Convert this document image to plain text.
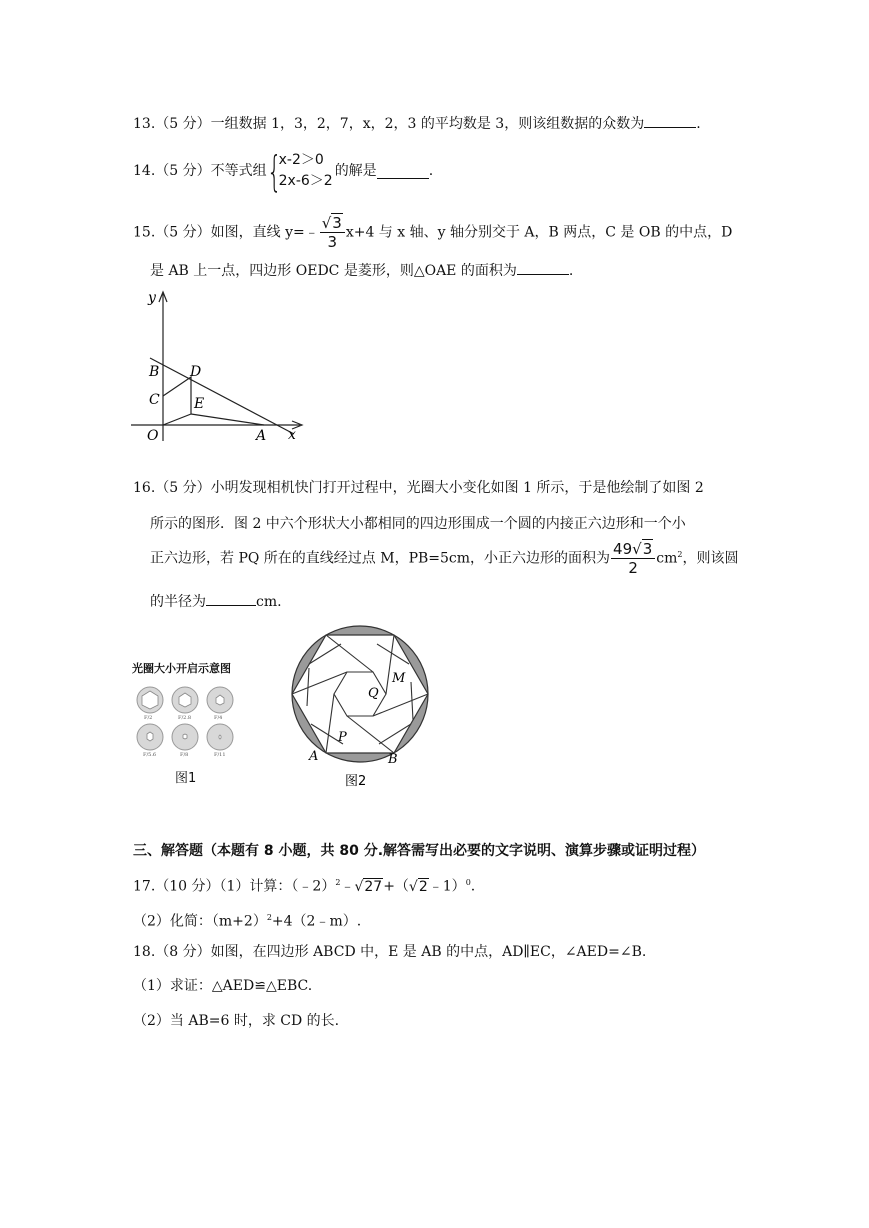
13.（5 分）一组数据 1，3，2，7，x，2，3 的平均数是 3，则该组数据的众数为	.
14.（5 分）不等式组 {
x-2＞0
2x-6＞2
的解是	.
15.（5 分）如图，直线 y=﹣ $\frac{√3}{3} x+4$ 与 x 轴、y 轴分别交于 A，B 两点，C 是 OB 的中点，D
是 AB 上一点，四边形 OEDC 是菱形，则△OAE 的面积为	.
y
x
B
C
D
E
O	A
16.（5 分）小明发现相机快门打开过程中，光圈大小变化如图 1 所示，于是他绘制了如图 2
所示的图形．图 2 中六个形状大小都相同的四边形围成一个圆的内接正六边形和一个小
正六边形，若 PQ 所在的直线经过点 M，PB=5cm，小正六边形的面积为 $\frac{49√3}{2} cm^2$，则该圆
的半径为	cm.
光圈大小开启示意图
F/2	F/2.8	F/4
F/5.6	F/8	F/11
图1
M
Q
P
A	B
图2
三、解答题（本题有 8 小题，共 80 分.解答需写出必要的文字说明、演算步骤或证明过程）
17.（10 分）（1）计算：（﹣2）$^2$﹣√27+（√2﹣1）$^0$.
（2）化简：$(m+2)^2+4(2﹣m)$.
18.（8 分）如图，在四边形 ABCD 中，E 是 AB 的中点，AD∥EC，∠AED=∠B.
（1）求证：△AED≌△EBC.
（2）当 AB=6 时，求 CD 的长.
